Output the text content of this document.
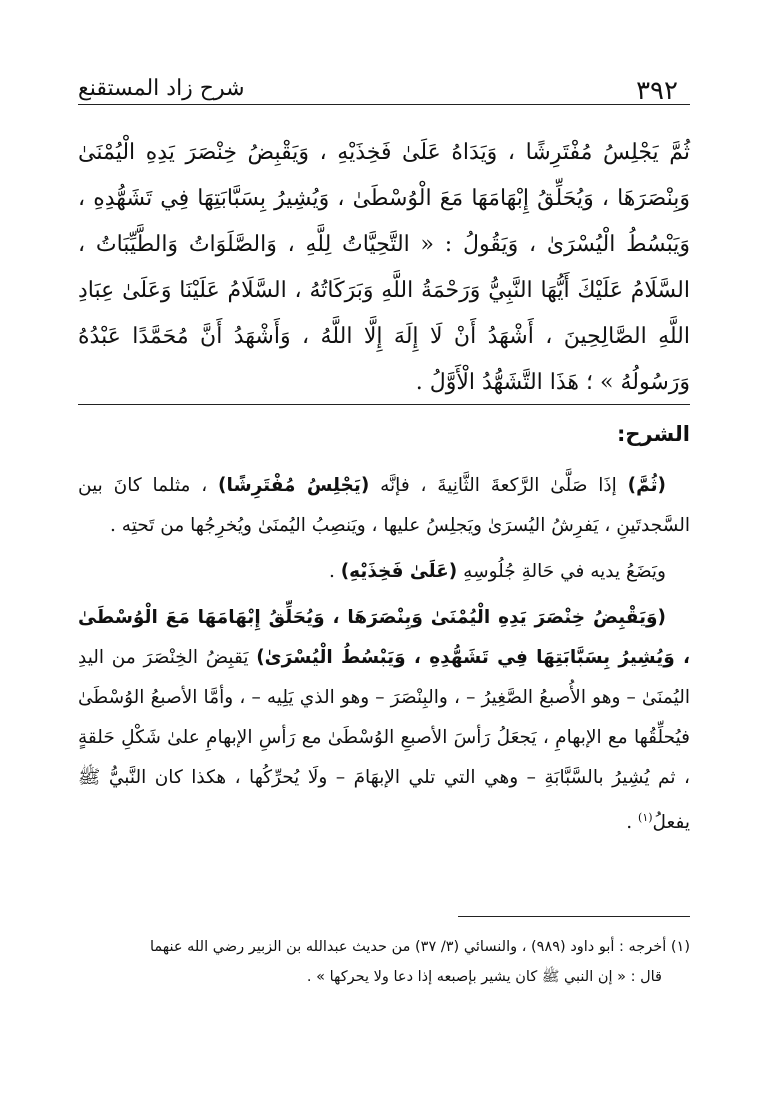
٣٩٢
شرح زاد المستقنع
ثُمَّ يَجْلِسُ مُفْتَرِشًا ، وَيَدَاهُ عَلَىٰ فَخِذَيْهِ ، وَيَقْبِضُ خِنْصَرَ يَدِهِ الْيُمْنَىٰ وَبِنْصَرَهَا ، وَيُحَلِّقُ إِبْهَامَهَا مَعَ الْوُسْطَىٰ ، وَيُشِيرُ بِسَبَّابَتِهَا فِي تَشَهُّدِهِ ، وَيَبْسُطُ الْيُسْرَىٰ ، وَيَقُولُ : « التَّحِيَّاتُ لِلَّهِ ، وَالصَّلَوَاتُ وَالطَّيِّبَاتُ ، السَّلَامُ عَلَيْكَ أَيُّهَا النَّبِيُّ وَرَحْمَةُ اللَّهِ وَبَرَكَاتُهُ ، السَّلَامُ عَلَيْنَا وَعَلَىٰ عِبَادِ اللَّهِ الصَّالِحِينَ ، أَشْهَدُ أَنْ لَا إِلَهَ إِلَّا اللَّهُ ، وَأَشْهَدُ أَنَّ مُحَمَّدًا عَبْدُهُ وَرَسُولُهُ » ؛ هَذَا التَّشَهُّدُ الْأَوَّلُ .
الشرح:

(ثُمَّ) إذَا صَلَّىٰ الرَّكعةَ الثَّانِيةَ ، فإنَّه (يَجْلِسُ مُفْتَرِشًا) ، مثلما كانَ بين السَّجدتَينِ ، يَفرِشُ اليُسرَىٰ ويَجلِسُ عليها ، ويَنصِبُ اليُمنَىٰ ويُخرِجُها من تَحتِه .

ويَضَعُ يديه في حَالةِ جُلُوسِهِ (عَلَىٰ فَخِذَيْهِ) .

(وَيَقْبِضُ خِنْصَرَ يَدِهِ الْيُمْنَىٰ وَبِنْصَرَهَا ، وَيُحَلِّقُ إِبْهَامَهَا مَعَ الْوُسْطَىٰ ، وَيُشِيرُ بِسَبَّابَتِهَا فِي تَشَهُّدِهِ ، وَيَبْسُطُ الْيُسْرَىٰ) يَقبِضُ الخِنْصَرَ من اليدِ اليُمنَىٰ – وهو الأُصبعُ الصَّغِيرُ – ، والبِنْصَرَ – وهو الذي يَلِيه – ، وأمَّا الأصبعُ الوُسْطَىٰ فيُحلِّقُها مع الإبهامِ ، يَجعَلُ رَأسَ الأصبعِ الوُسْطَىٰ مع رَأسِ الإبهامِ علىٰ شَكْلِ حَلقةٍ ، ثم يُشِيرُ بالسَّبَّابَةِ – وهي التي تلي الإبهَامَ – ولَا يُحرِّكُها ، هكذا كان النَّبيُّ ﷺ يفعلُ$^{(١)}$ .

(١) أخرجه : أبو داود (٩٨٩) ، والنسائي (٣/ ٣٧) من حديث عبدالله بن الزبير رضي الله عنهما

قال : « إن النبي ﷺ كان يشير بإصبعه إذا دعا ولا يحركها » .
